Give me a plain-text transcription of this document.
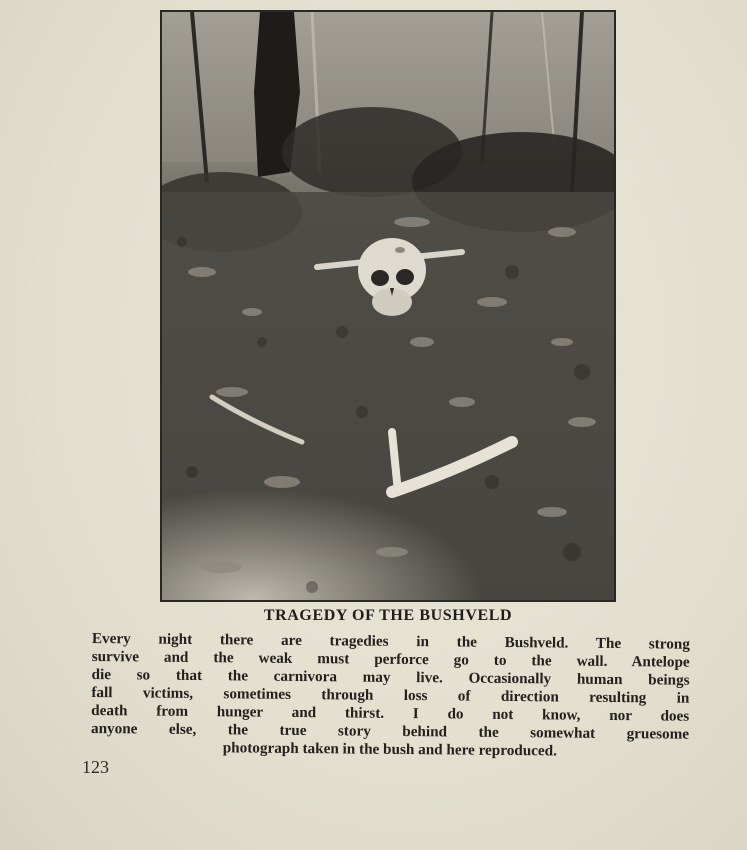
TRAGEDY OF THE BUSHVELD
Every night there are tragedies in the Bushveld. The strong
survive and the weak must perforce go to the wall. Antelope
die so that the carnivora may live. Occasionally human beings
fall victims, sometimes through loss of direction resulting in
death from hunger and thirst. I do not know, nor does
anyone else, the true story behind the somewhat gruesome
photograph taken in the bush and here reproduced.
123
